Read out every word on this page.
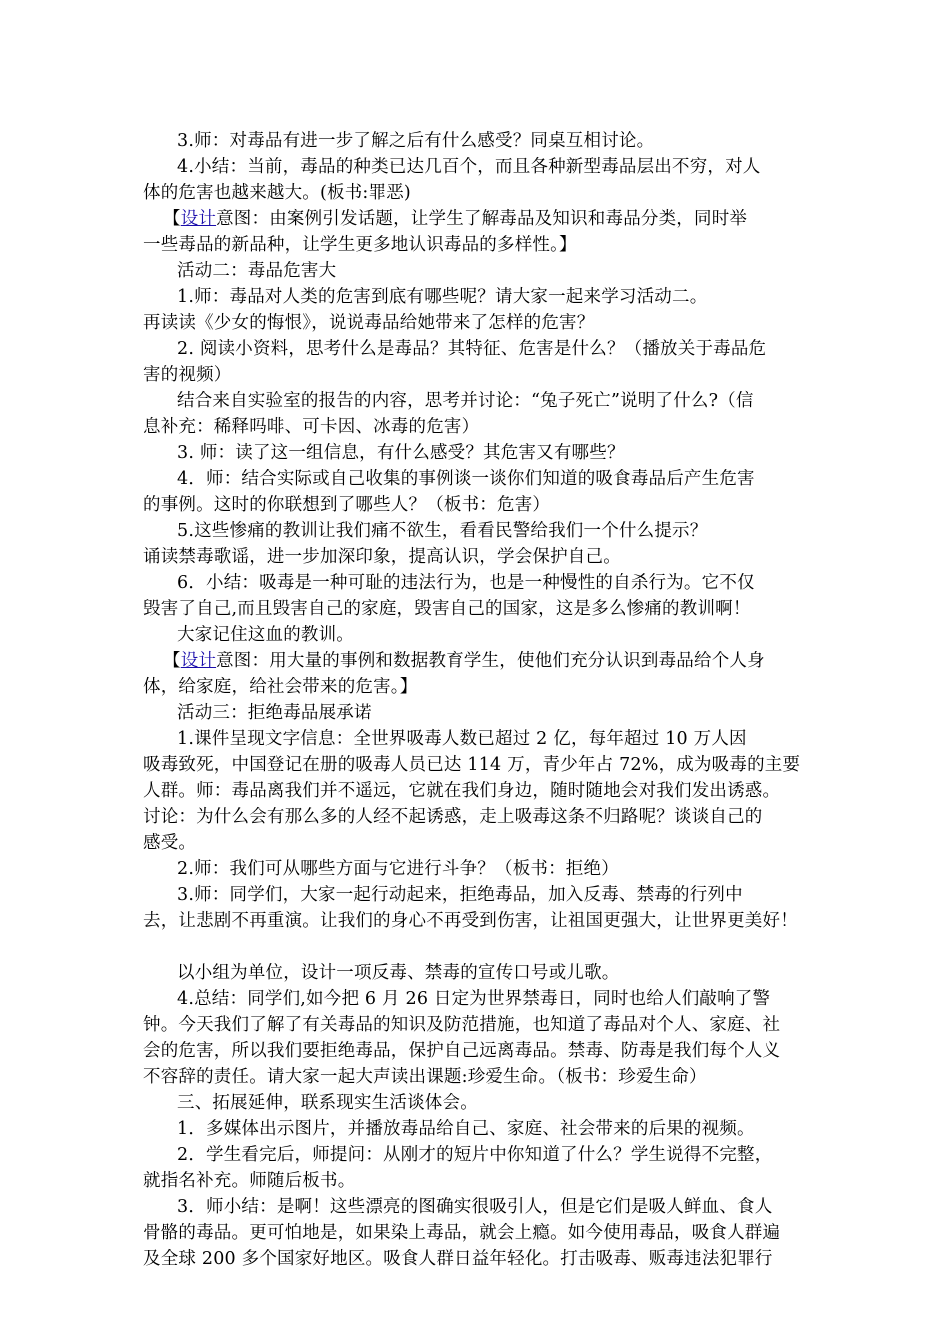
3.师：对毒品有进一步了解之后有什么感受？同桌互相讨论。
4.小结：当前，毒品的种类已达几百个，而且各种新型毒品层出不穷，对人
体的危害也越来越大。(板书:罪恶)
【设计意图：由案例引发话题，让学生了解毒品及知识和毒品分类，同时举
一些毒品的新品种，让学生更多地认识毒品的多样性。】
活动二：毒品危害大
1.师：毒品对人类的危害到底有哪些呢？请大家一起来学习活动二。
再读读《少女的悔恨》，说说毒品给她带来了怎样的危害？
2. 阅读小资料，思考什么是毒品？其特征、危害是什么？（播放关于毒品危
害的视频）
结合来自实验室的报告的内容，思考并讨论：“兔子死亡”说明了什么?（信
息补充：稀释吗啡、可卡因、冰毒的危害）
3. 师：读了这一组信息，有什么感受？其危害又有哪些？
4．师：结合实际或自己收集的事例谈一谈你们知道的吸食毒品后产生危害
的事例。这时的你联想到了哪些人？（板书：危害）
5.这些惨痛的教训让我们痛不欲生，看看民警给我们一个什么提示？
诵读禁毒歌谣，进一步加深印象，提高认识，学会保护自己。
6．小结：吸毒是一种可耻的违法行为，也是一种慢性的自杀行为。它不仅
毁害了自己,而且毁害自己的家庭，毁害自己的国家，这是多么惨痛的教训啊！
大家记住这血的教训。
【设计意图：用大量的事例和数据教育学生，使他们充分认识到毒品给个人身
体，给家庭，给社会带来的危害。】
活动三：拒绝毒品展承诺
1.课件呈现文字信息：全世界吸毒人数已超过 2 亿，每年超过 10 万人因
吸毒致死，中国登记在册的吸毒人员已达 114 万，青少年占 72%，成为吸毒的主要
人群。师：毒品离我们并不遥远，它就在我们身边，随时随地会对我们发出诱惑。
讨论：为什么会有那么多的人经不起诱惑，走上吸毒这条不归路呢？谈谈自己的
感受。
2.师：我们可从哪些方面与它进行斗争？（板书：拒绝）
3.师：同学们，大家一起行动起来，拒绝毒品，加入反毒、禁毒的行列中
去，让悲剧不再重演。让我们的身心不再受到伤害，让祖国更强大，让世界更美好！
以小组为单位，设计一项反毒、禁毒的宣传口号或儿歌。
4.总结：同学们,如今把 6 月 26 日定为世界禁毒日，同时也给人们敲响了警
钟。今天我们了解了有关毒品的知识及防范措施，也知道了毒品对个人、家庭、社
会的危害，所以我们要拒绝毒品，保护自己远离毒品。禁毒、防毒是我们每个人义
不容辞的责任。请大家一起大声读出课题:珍爱生命。（板书：珍爱生命）
三、拓展延伸，联系现实生活谈体会。
1．多媒体出示图片，并播放毒品给自己、家庭、社会带来的后果的视频。
2．学生看完后，师提问：从刚才的短片中你知道了什么？学生说得不完整，
就指名补充。师随后板书。
3．师小结：是啊！这些漂亮的图确实很吸引人，但是它们是吸人鲜血、食人
骨骼的毒品。更可怕地是，如果染上毒品，就会上瘾。如今使用毒品，吸食人群遍
及全球 200 多个国家好地区。吸食人群日益年轻化。打击吸毒、贩毒违法犯罪行
